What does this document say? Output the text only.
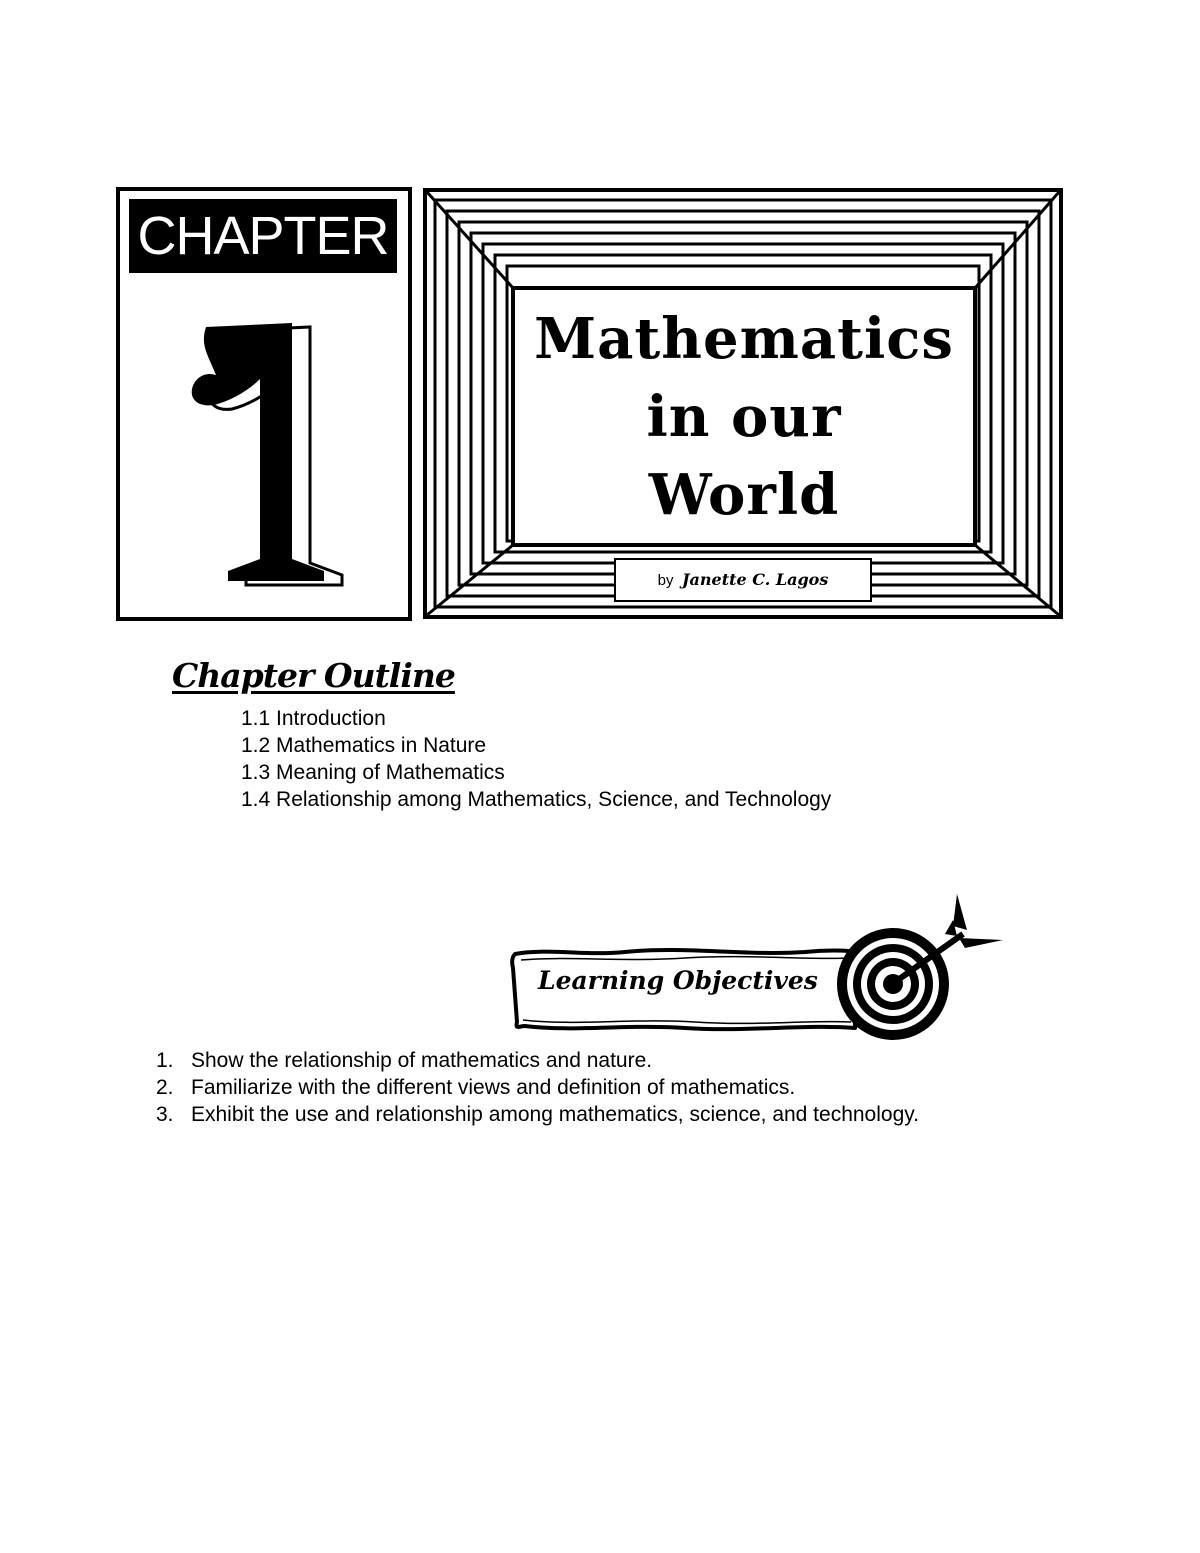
CHAPTER
Mathematics
in our
World
by Janette C. Lagos
Chapter Outline
1.1 Introduction
1.2 Mathematics in Nature
1.3 Meaning of Mathematics
1.4 Relationship among Mathematics, Science, and Technology
Learning Objectives
1. Show the relationship of mathematics and nature.
2. Familiarize with the different views and definition of mathematics.
3. Exhibit the use and relationship among mathematics, science, and technology.
